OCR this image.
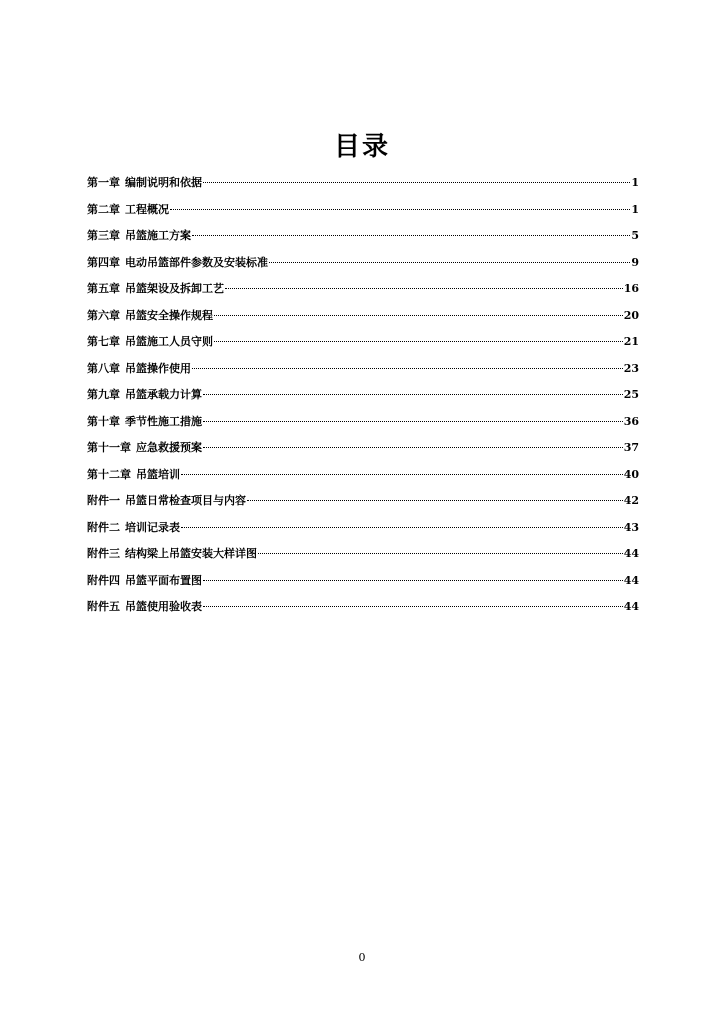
目录
第一章 编制说明和依据	1
第二章 工程概况	1
第三章 吊篮施工方案	5
第四章 电动吊篮部件参数及安装标准	9
第五章 吊篮架设及拆卸工艺	16
第六章 吊篮安全操作规程	20
第七章 吊篮施工人员守则	21
第八章 吊篮操作使用	23
第九章 吊篮承载力计算	25
第十章 季节性施工措施	36
第十一章 应急救援预案	37
第十二章 吊篮培训	40
附件一 吊篮日常检查项目与内容	42
附件二 培训记录表	43
附件三 结构梁上吊篮安装大样详图	44
附件四 吊篮平面布置图	44
附件五 吊篮使用验收表	44
0
